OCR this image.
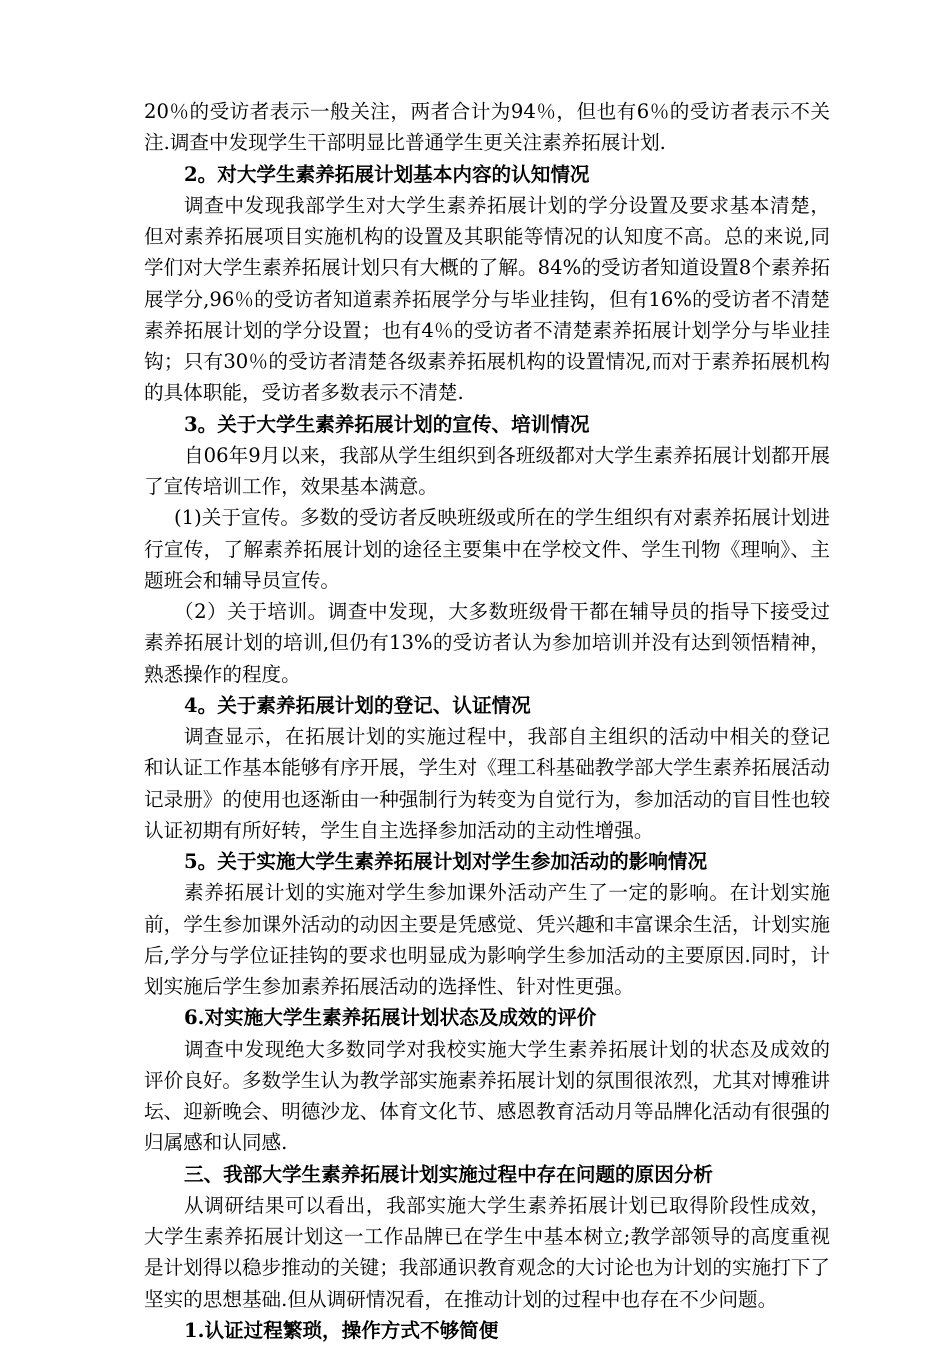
20％的受访者表示一般关注，两者合计为94％，但也有6％的受访者表示不关注.调查中发现学生干部明显比普通学生更关注素养拓展计划.

2。对大学生素养拓展计划基本内容的认知情况

调查中发现我部学生对大学生素养拓展计划的学分设置及要求基本清楚，但对素养拓展项目实施机构的设置及其职能等情况的认知度不高。总的来说,同学们对大学生素养拓展计划只有大概的了解。84%的受访者知道设置8个素养拓展学分,96％的受访者知道素养拓展学分与毕业挂钩，但有16%的受访者不清楚素养拓展计划的学分设置；也有4％的受访者不清楚素养拓展计划学分与毕业挂钩；只有30％的受访者清楚各级素养拓展机构的设置情况,而对于素养拓展机构的具体职能，受访者多数表示不清楚.

3。关于大学生素养拓展计划的宣传、培训情况

自06年9月以来，我部从学生组织到各班级都对大学生素养拓展计划都开展了宣传培训工作，效果基本满意。

(1)关于宣传。多数的受访者反映班级或所在的学生组织有对素养拓展计划进行宣传，了解素养拓展计划的途径主要集中在学校文件、学生刊物《理响》、主题班会和辅导员宣传。

（2）关于培训。调查中发现，大多数班级骨干都在辅导员的指导下接受过素养拓展计划的培训,但仍有13%的受访者认为参加培训并没有达到领悟精神，熟悉操作的程度。

4。关于素养拓展计划的登记、认证情况

调查显示，在拓展计划的实施过程中，我部自主组织的活动中相关的登记和认证工作基本能够有序开展，学生对《理工科基础教学部大学生素养拓展活动记录册》的使用也逐渐由一种强制行为转变为自觉行为，参加活动的盲目性也较认证初期有所好转，学生自主选择参加活动的主动性增强。

5。关于实施大学生素养拓展计划对学生参加活动的影响情况

素养拓展计划的实施对学生参加课外活动产生了一定的影响。在计划实施前，学生参加课外活动的动因主要是凭感觉、凭兴趣和丰富课余生活，计划实施后,学分与学位证挂钩的要求也明显成为影响学生参加活动的主要原因.同时，计划实施后学生参加素养拓展活动的选择性、针对性更强。

6.对实施大学生素养拓展计划状态及成效的评价

调查中发现绝大多数同学对我校实施大学生素养拓展计划的状态及成效的评价良好。多数学生认为教学部实施素养拓展计划的氛围很浓烈，尤其对博雅讲坛、迎新晚会、明德沙龙、体育文化节、感恩教育活动月等品牌化活动有很强的归属感和认同感.

三、我部大学生素养拓展计划实施过程中存在问题的原因分析

从调研结果可以看出，我部实施大学生素养拓展计划已取得阶段性成效，大学生素养拓展计划这一工作品牌已在学生中基本树立;教学部领导的高度重视是计划得以稳步推动的关键；我部通识教育观念的大讨论也为计划的实施打下了坚实的思想基础.但从调研情况看，在推动计划的过程中也存在不少问题。

1.认证过程繁琐，操作方式不够简便
